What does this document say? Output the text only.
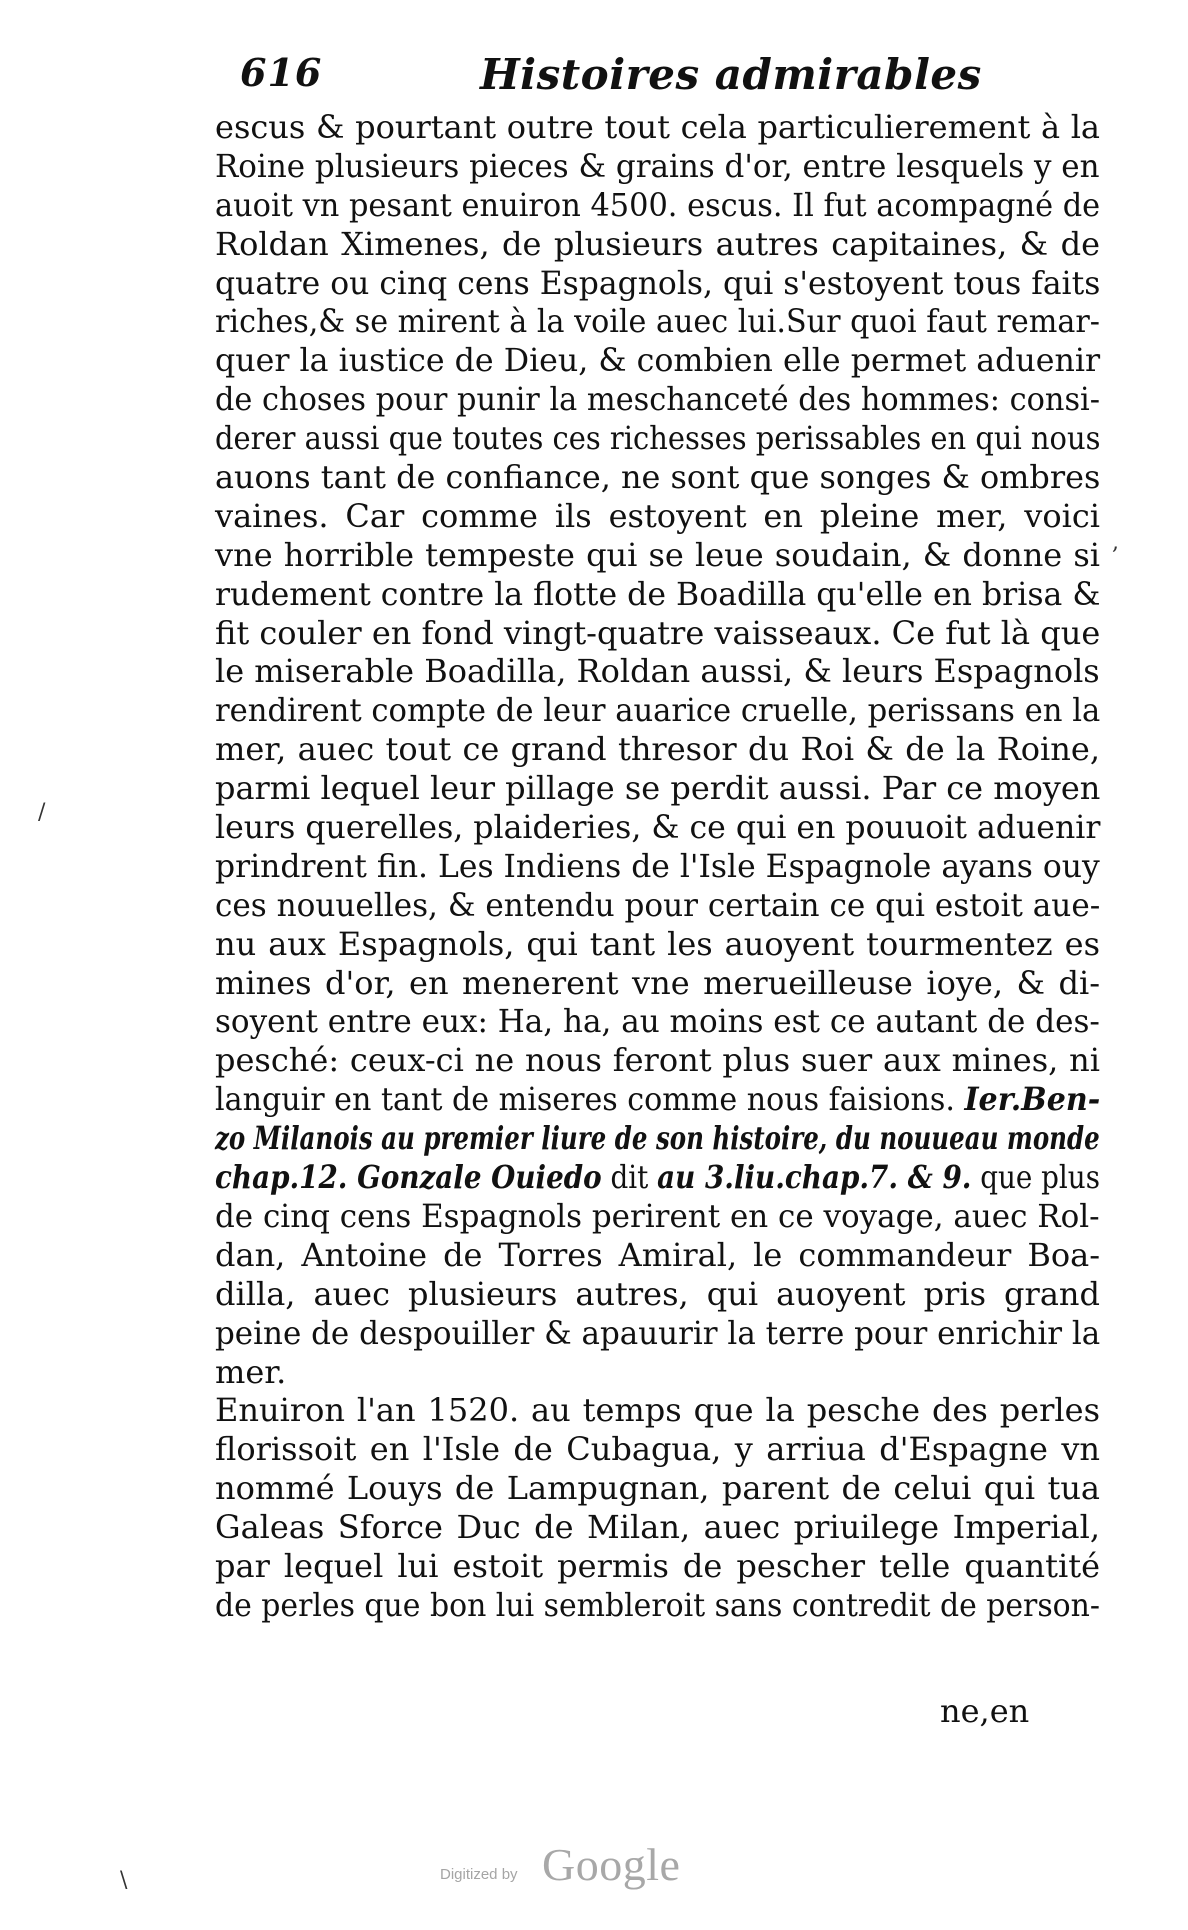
616	Histoires admirables
escus & pourtant outre tout cela particulierement à la
Roine plusieurs pieces & grains d'or, entre lesquels y en
auoit vn pesant enuiron 4500. escus. Il fut acompagné de
Roldan Ximenes, de plusieurs autres capitaines, & de
quatre ou cinq cens Espagnols, qui s'estoyent tous faits
riches,& se mirent à la voile auec lui.Sur quoi faut remar-
quer la iustice de Dieu, & combien elle permet aduenir
de choses pour punir la meschanceté des hommes: consi-
derer aussi que toutes ces richesses perissables en qui nous
auons tant de confiance, ne sont que songes & ombres
vaines. Car comme ils estoyent en pleine mer, voici
vne horrible tempeste qui se leue soudain, & donne si
rudement contre la flotte de Boadilla qu'elle en brisa &
fit couler en fond vingt-quatre vaisseaux. Ce fut là que
le miserable Boadilla, Roldan aussi, & leurs Espagnols
rendirent compte de leur auarice cruelle, perissans en la
mer, auec tout ce grand thresor du Roi & de la Roine,
parmi lequel leur pillage se perdit aussi. Par ce moyen
leurs querelles, plaideries, & ce qui en pouuoit aduenir
prindrent fin. Les Indiens de l'Isle Espagnole ayans ouy
ces nouuelles, & entendu pour certain ce qui estoit aue-
nu aux Espagnols, qui tant les auoyent tourmentez es
mines d'or, en menerent vne merueilleuse ioye, & di-
soyent entre eux: Ha, ha, au moins est ce autant de des-
pesché: ceux-ci ne nous feront plus suer aux mines, ni
languir en tant de miseres comme nous faisions. Ier.Ben-
zo Milanois au premier liure de son histoire, du nouueau monde
chap.12. Gonzale Ouiedo dit au 3.liu.chap.7. & 9. que plus
de cinq cens Espagnols perirent en ce voyage, auec Rol-
dan, Antoine de Torres Amiral, le commandeur Boa-
dilla, auec plusieurs autres, qui auoyent pris grand
peine de despouiller & apauurir la terre pour enrichir la
mer.
Enuiron l'an 1520. au temps que la pesche des perles
florissoit en l'Isle de Cubagua, y arriua d'Espagne vn
nommé Louys de Lampugnan, parent de celui qui tua
Galeas Sforce Duc de Milan, auec priuilege Imperial,
par lequel lui estoit permis de pescher telle quantité
de perles que bon lui sembleroit sans contredit de person-
ne,en
,
/
\	Digitized by Google
